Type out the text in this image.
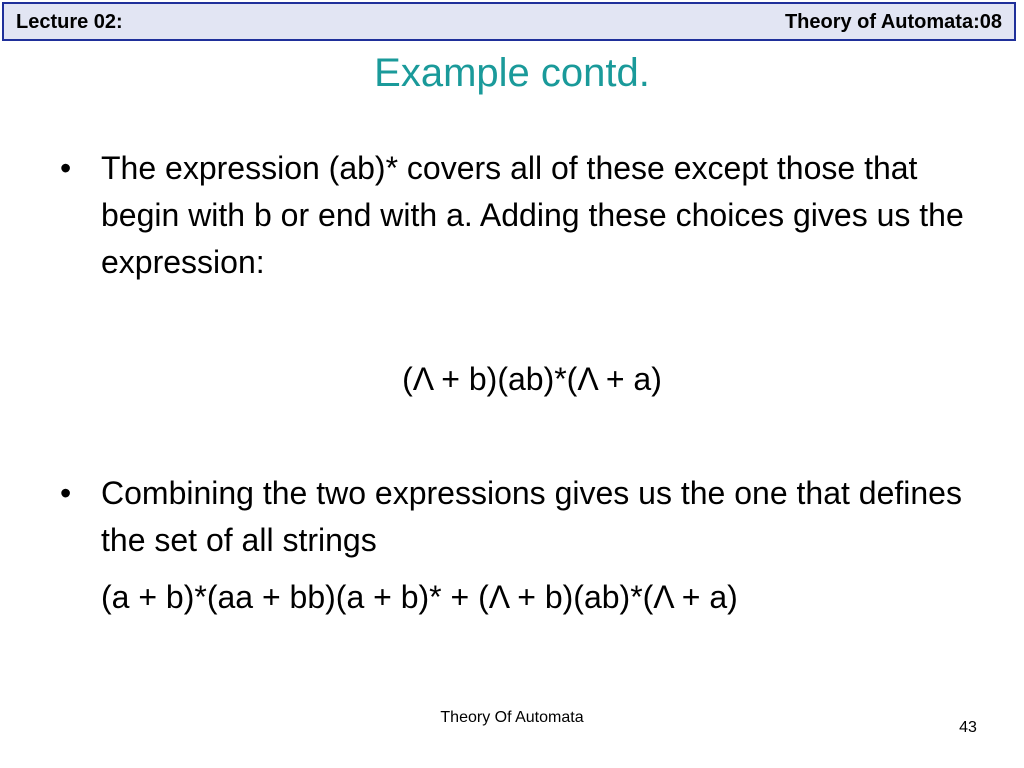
Lecture 02:	Theory of Automata:08
Example contd.
• The expression (ab)* covers all of these except those that begin with b or end with a. Adding these choices gives us the expression:
(Λ + b)(ab)*(Λ + a)
• Combining the two expressions gives us the one that defines the set of all strings
(a + b)*(aa + bb)(a + b)* + (Λ + b)(ab)*(Λ + a)
Theory Of Automata
43
